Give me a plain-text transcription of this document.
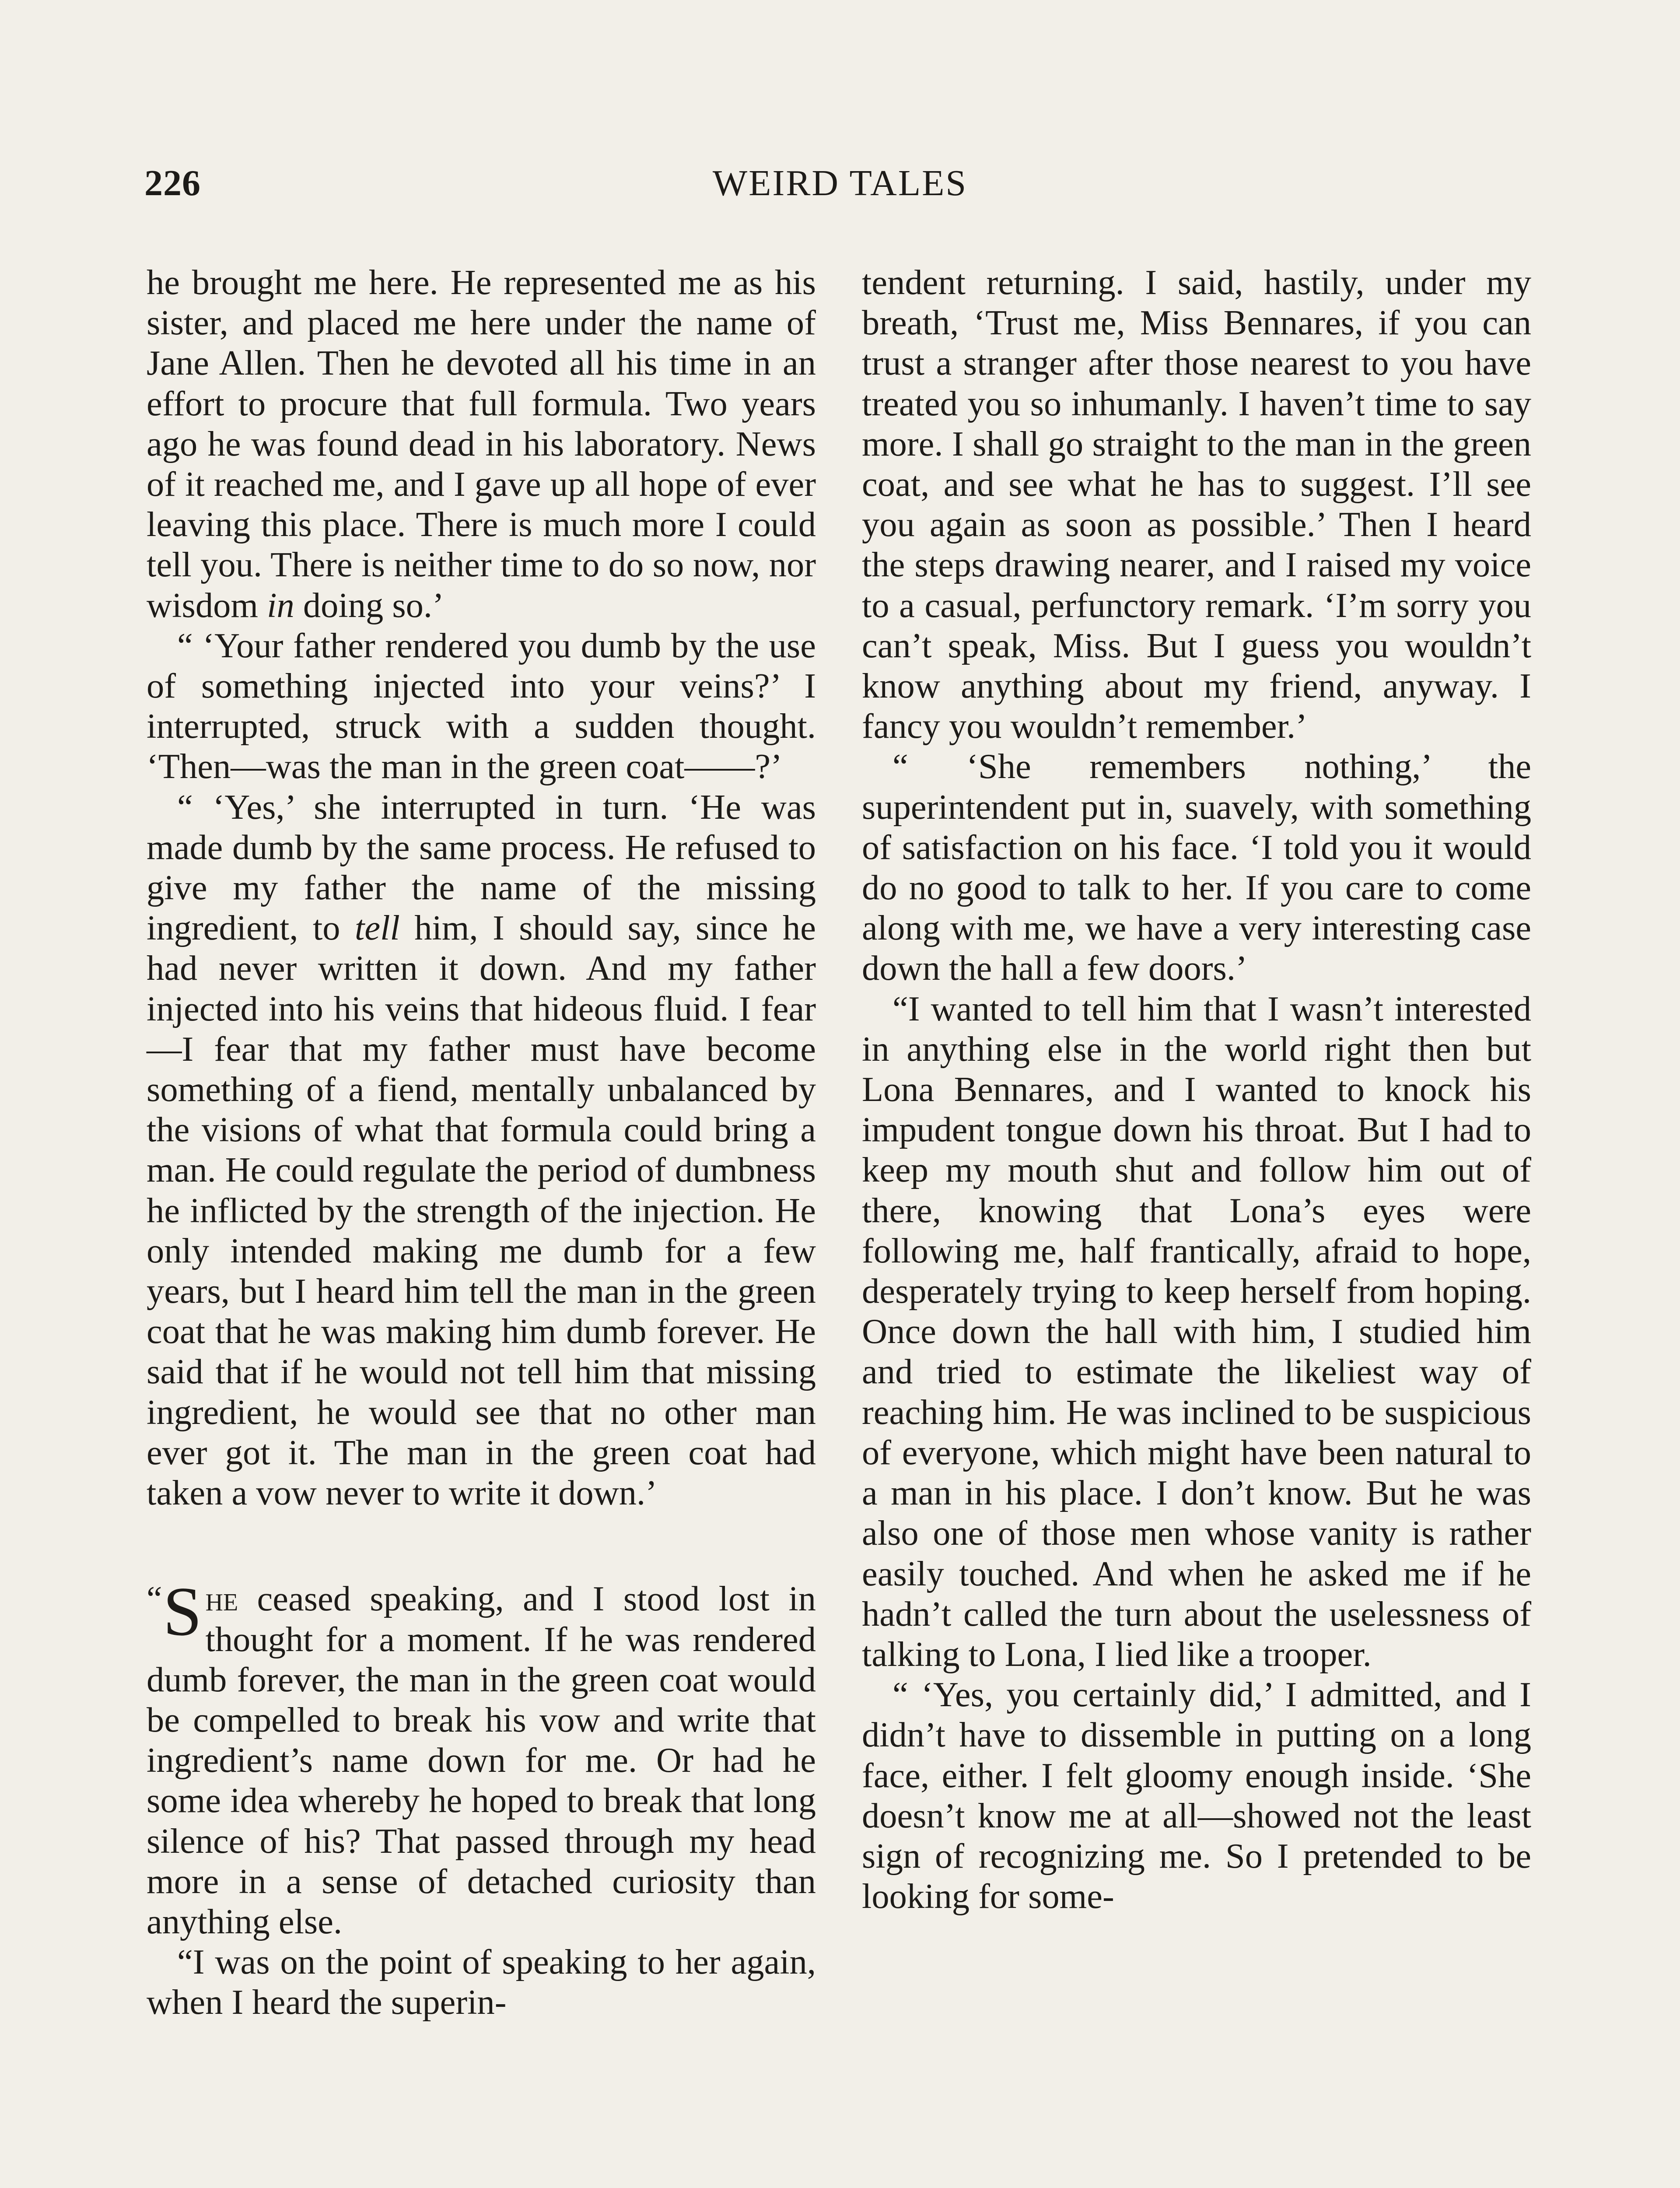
226	WEIRD TALES

he brought me here. He represented me as his sister, and placed me here under the name of Jane Allen. Then he devoted all his time in an effort to procure that full formula. Two years ago he was found dead in his laboratory. News of it reached me, and I gave up all hope of ever leaving this place. There is much more I could tell you. There is neither time to do so now, nor wisdom in doing so.’

“ ‘Your father rendered you dumb by the use of something injected into your veins?’ I interrupted, struck with a sudden thought. ‘Then—was the man in the green coat——?’

“ ‘Yes,’ she interrupted in turn. ‘He was made dumb by the same process. He refused to give my father the name of the missing ingredient, to tell him, I should say, since he had never written it down. And my father injected into his veins that hideous fluid. I fear—I fear that my father must have become something of a fiend, mentally unbalanced by the visions of what that formula could bring a man. He could regulate the period of dumbness he inflicted by the strength of the injection. He only intended making me dumb for a few years, but I heard him tell the man in the green coat that he was making him dumb forever. He said that if he would not tell him that missing ingredient, he would see that no other man ever got it. The man in the green coat had taken a vow never to write it down.’

“ S he ceased speaking, and I stood lost in thought for a moment. If he was rendered dumb forever, the man in the green coat would be compelled to break his vow and write that ingredient’s name down for me. Or had he some idea whereby he hoped to break that long silence of his? That passed through my head more in a sense of detached curiosity than anything else.

“I was on the point of speaking to her again, when I heard the superin-

tendent returning. I said, hastily, under my breath, ‘Trust me, Miss Bennares, if you can trust a stranger after those nearest to you have treated you so inhumanly. I haven’t time to say more. I shall go straight to the man in the green coat, and see what he has to suggest. I’ll see you again as soon as possible.’ Then I heard the steps drawing nearer, and I raised my voice to a casual, perfunctory remark. ‘I’m sorry you can’t speak, Miss. But I guess you wouldn’t know anything about my friend, anyway. I fancy you wouldn’t remember.’

“ ‘She remembers nothing,’ the superintendent put in, suavely, with something of satisfaction on his face. ‘I told you it would do no good to talk to her. If you care to come along with me, we have a very interesting case down the hall a few doors.’

“I wanted to tell him that I wasn’t interested in anything else in the world right then but Lona Bennares, and I wanted to knock his impudent tongue down his throat. But I had to keep my mouth shut and follow him out of there, knowing that Lona’s eyes were following me, half frantically, afraid to hope, desperately trying to keep herself from hoping. Once down the hall with him, I studied him and tried to estimate the likeliest way of reaching him. He was inclined to be suspicious of everyone, which might have been natural to a man in his place. I don’t know. But he was also one of those men whose vanity is rather easily touched. And when he asked me if he hadn’t called the turn about the uselessness of talking to Lona, I lied like a trooper.

“ ‘Yes, you certainly did,’ I admitted, and I didn’t have to dissemble in putting on a long face, either. I felt gloomy enough inside. ‘She doesn’t know me at all—showed not the least sign of recognizing me. So I pretended to be looking for some-
